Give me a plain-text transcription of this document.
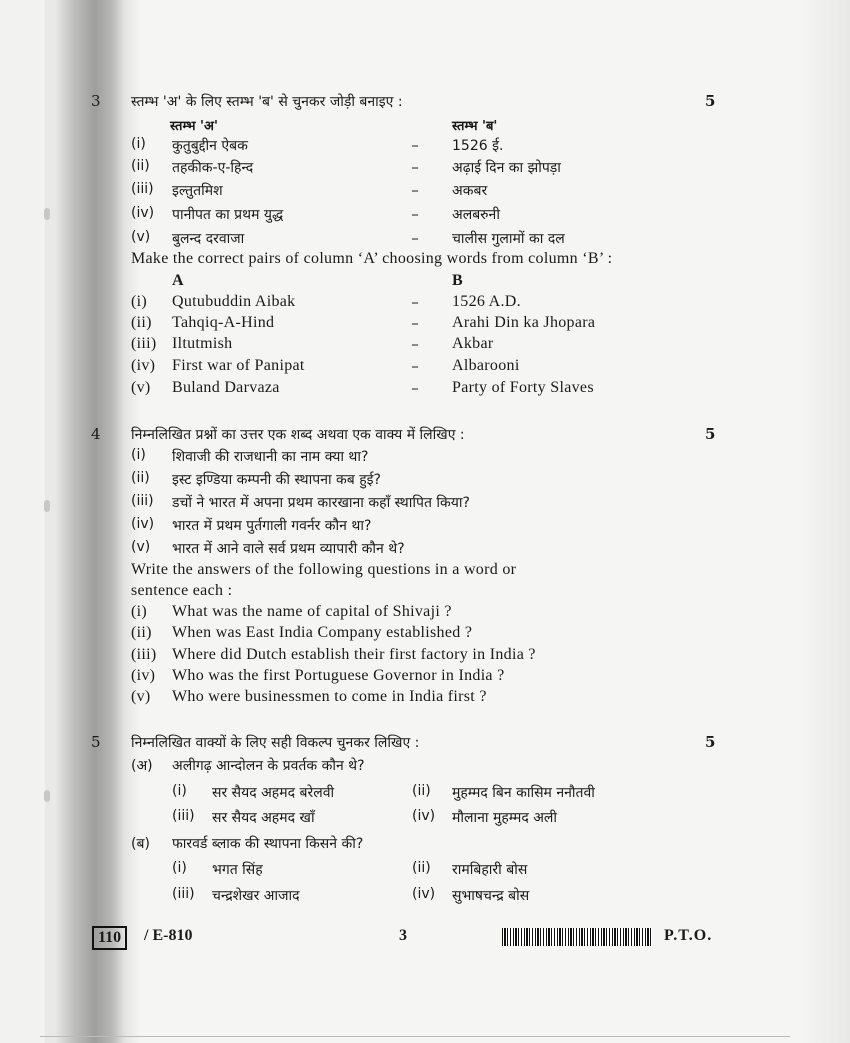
3	5
स्तम्भ 'अ' के लिए स्तम्भ 'ब' से चुनकर जोड़ी बनाइए :
स्तम्भ 'अ'	स्तम्भ 'ब'
(i) कुतुबुद्दीन ऐबक	– 1526 ई.
(ii) तहकीक-ए-हिन्द	– अढ़ाई दिन का झोपड़ा
(iii) इल्तुतमिश	– अकबर
(iv) पानीपत का प्रथम युद्ध	– अलबरुनी
(v) बुलन्द दरवाजा	– चालीस गुलामों का दल
Make the correct pairs of column ‘A’ choosing words from column ‘B’ :
A	B
(i) Qutubuddin Aibak	– 1526 A.D.
(ii) Tahqiq-A-Hind	– Arahi Din ka Jhopara
(iii) Iltutmish	– Akbar
(iv) First war of Panipat	– Albarooni
(v) Buland Darvaza	– Party of Forty Slaves
4	5
निम्नलिखित प्रश्नों का उत्तर एक शब्द अथवा एक वाक्य में लिखिए :
(i) शिवाजी की राजधानी का नाम क्या था?
(ii) इस्ट इण्डिया कम्पनी की स्थापना कब हुई?
(iii) डचों ने भारत में अपना प्रथम कारखाना कहाँ स्थापित किया?
(iv) भारत में प्रथम पुर्तगाली गवर्नर कौन था?
(v) भारत में आने वाले सर्व प्रथम व्यापारी कौन थे?
Write the answers of the following questions in a word or
sentence each :
(i) What was the name of capital of Shivaji ?
(ii) When was East India Company established ?
(iii) Where did Dutch establish their first factory in India ?
(iv) Who was the first Portuguese Governor in India ?
(v) Who were businessmen to come in India first ?
5	5
निम्नलिखित वाक्यों के लिए सही विकल्प चुनकर लिखिए :
(अ) अलीगढ़ आन्दोलन के प्रवर्तक कौन थे?
(i) सर सैयद अहमद बरेलवी	(ii) मुहम्मद बिन कासिम ननौतवी
(iii) सर सैयद अहमद खाँ	(iv) मौलाना मुहम्मद अली
(ब) फारवर्ड ब्लाक की स्थापना किसने की?
(i) भगत सिंह	(ii) रामबिहारी बोस
(iii) चन्द्रशेखर आजाद	(iv) सुभाषचन्द्र बोस
110	/ E-810	3	P.T.O.
